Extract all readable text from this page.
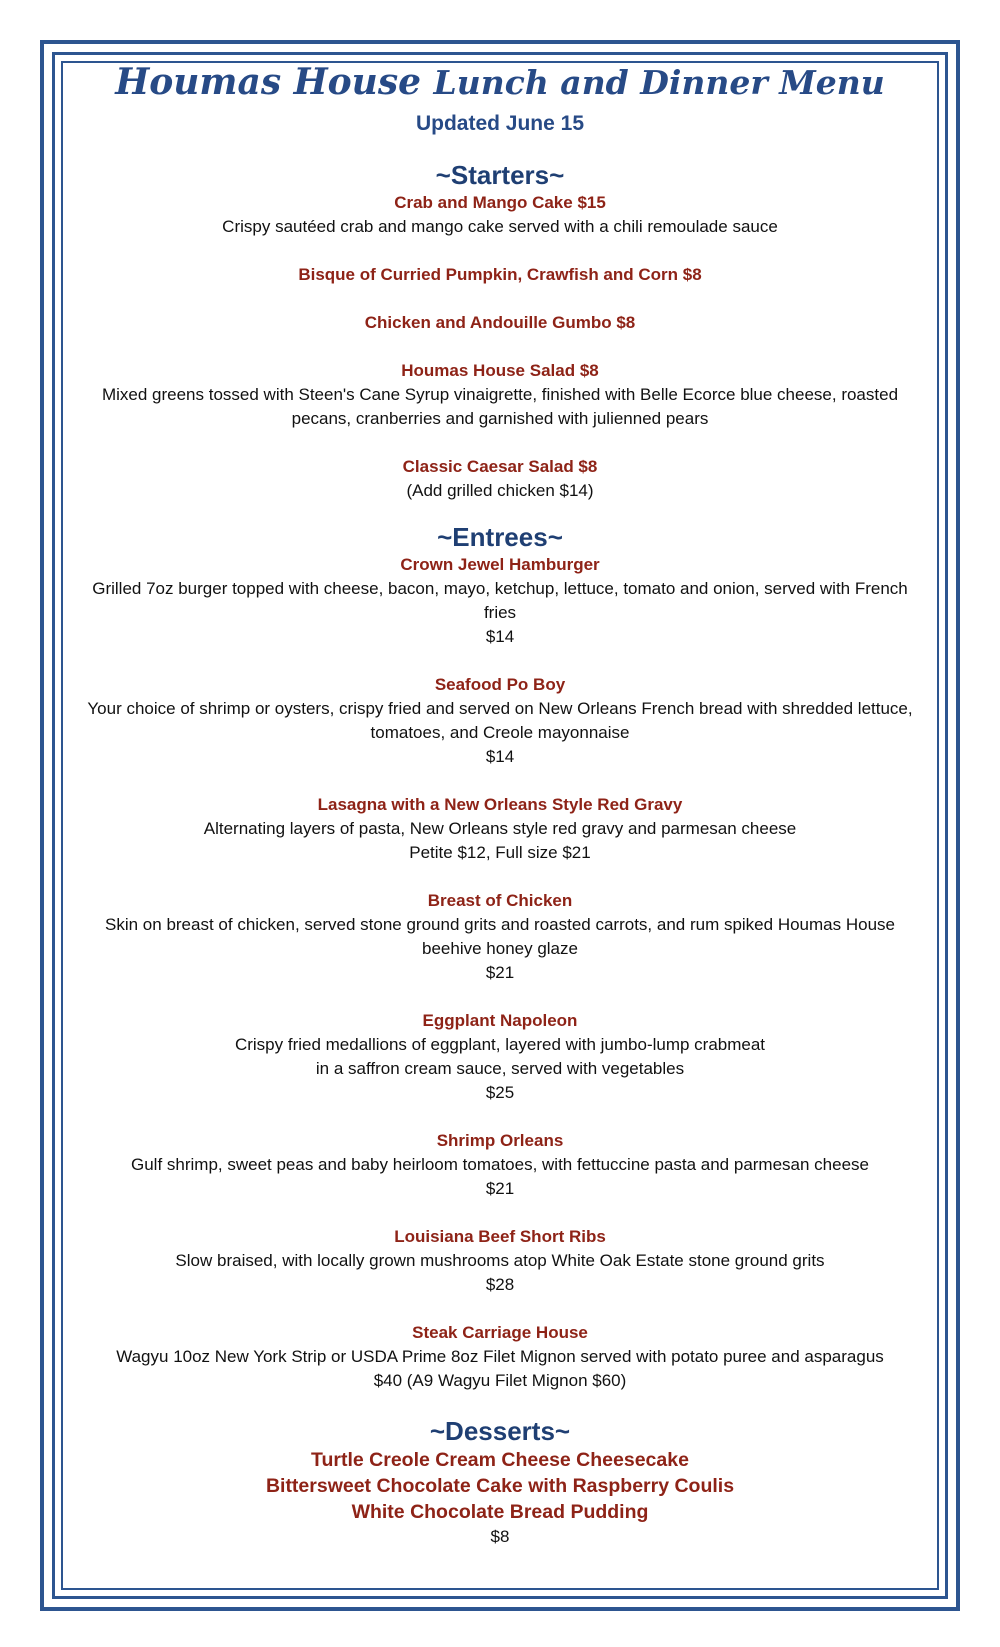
Houmas House Lunch and Dinner Menu
Updated June 15
~Starters~
Crab and Mango Cake $15
Crispy sautéed crab and mango cake served with a chili remoulade sauce
Bisque of Curried Pumpkin, Crawfish and Corn $8
Chicken and Andouille Gumbo $8
Houmas House Salad $8
Mixed greens tossed with Steen's Cane Syrup vinaigrette, finished with Belle Ecorce blue cheese, roasted
pecans, cranberries and garnished with julienned pears
Classic Caesar Salad $8
(Add grilled chicken $14)
~Entrees~
Crown Jewel Hamburger
Grilled 7oz burger topped with cheese, bacon, mayo, ketchup, lettuce, tomato and onion, served with French
fries
$14
Seafood Po Boy
Your choice of shrimp or oysters, crispy fried and served on New Orleans French bread with shredded lettuce,
tomatoes, and Creole mayonnaise
$14
Lasagna with a New Orleans Style Red Gravy
Alternating layers of pasta, New Orleans style red gravy and parmesan cheese
Petite $12, Full size $21
Breast of Chicken
Skin on breast of chicken, served stone ground grits and roasted carrots, and rum spiked Houmas House
beehive honey glaze
$21
Eggplant Napoleon
Crispy fried medallions of eggplant, layered with jumbo-lump crabmeat
in a saffron cream sauce, served with vegetables
$25
Shrimp Orleans
Gulf shrimp, sweet peas and baby heirloom tomatoes, with fettuccine pasta and parmesan cheese
$21
Louisiana Beef Short Ribs
Slow braised, with locally grown mushrooms atop White Oak Estate stone ground grits
$28
Steak Carriage House
Wagyu 10oz New York Strip or USDA Prime 8oz Filet Mignon served with potato puree and asparagus
$40 (A9 Wagyu Filet Mignon $60)
~Desserts~
Turtle Creole Cream Cheese Cheesecake
Bittersweet Chocolate Cake with Raspberry Coulis
White Chocolate Bread Pudding
$8
